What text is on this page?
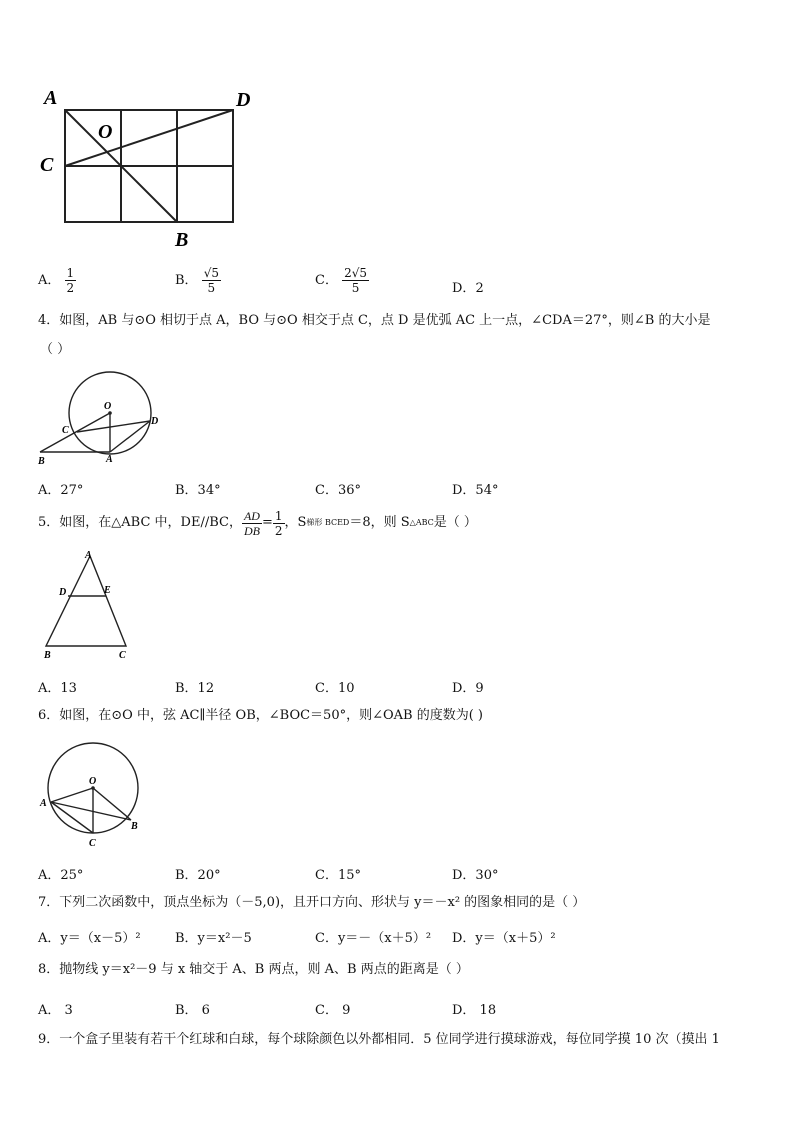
A	D
O
C
B
A． $\frac{1}{2}$	B． $\frac{√5}{5}$	C． $\frac{2√5}{5}$	D．2
4．如图，AB 与⊙O 相切于点 A，BO 与⊙O 相交于点 C，点 D 是优弧 AC 上一点，∠CDA＝27°，则∠B 的大小是
（ ）
O
C
D
B	A
A．27°	B．34°	C．36°	D．54°
5．如图，在△ABC 中，DE//BC， $\frac{AD}{DB} = \frac{1}{2}$ ，S 梯形 BCED ＝8，则 S △ABC 是（ ）
A
D	E
B	C
A．13	B．12	C．10	D．9
6．如图，在⊙O 中，弦 AC∥半径 OB，∠BOC＝50°，则∠OAB 的度数为( )
O
A
B
C
A．25°	B．20°	C．15°	D．30°
7．下列二次函数中，顶点坐标为（－5,0)，且开口方向、形状与 y＝－x² 的图象相同的是（ ）
A．y＝（x－5）²	B．y＝x²－5	C．y＝－（x＋5）² D．y＝（x＋5）²
8．抛物线 y＝x²－9 与 x 轴交于 A、B 两点，则 A、B 两点的距离是（ ）
A． 3	B． 6	C． 9	D． 18
9．一个盒子里装有若干个红球和白球，每个球除颜色以外都相同．5 位同学进行摸球游戏，每位同学摸 10 次（摸出 1
